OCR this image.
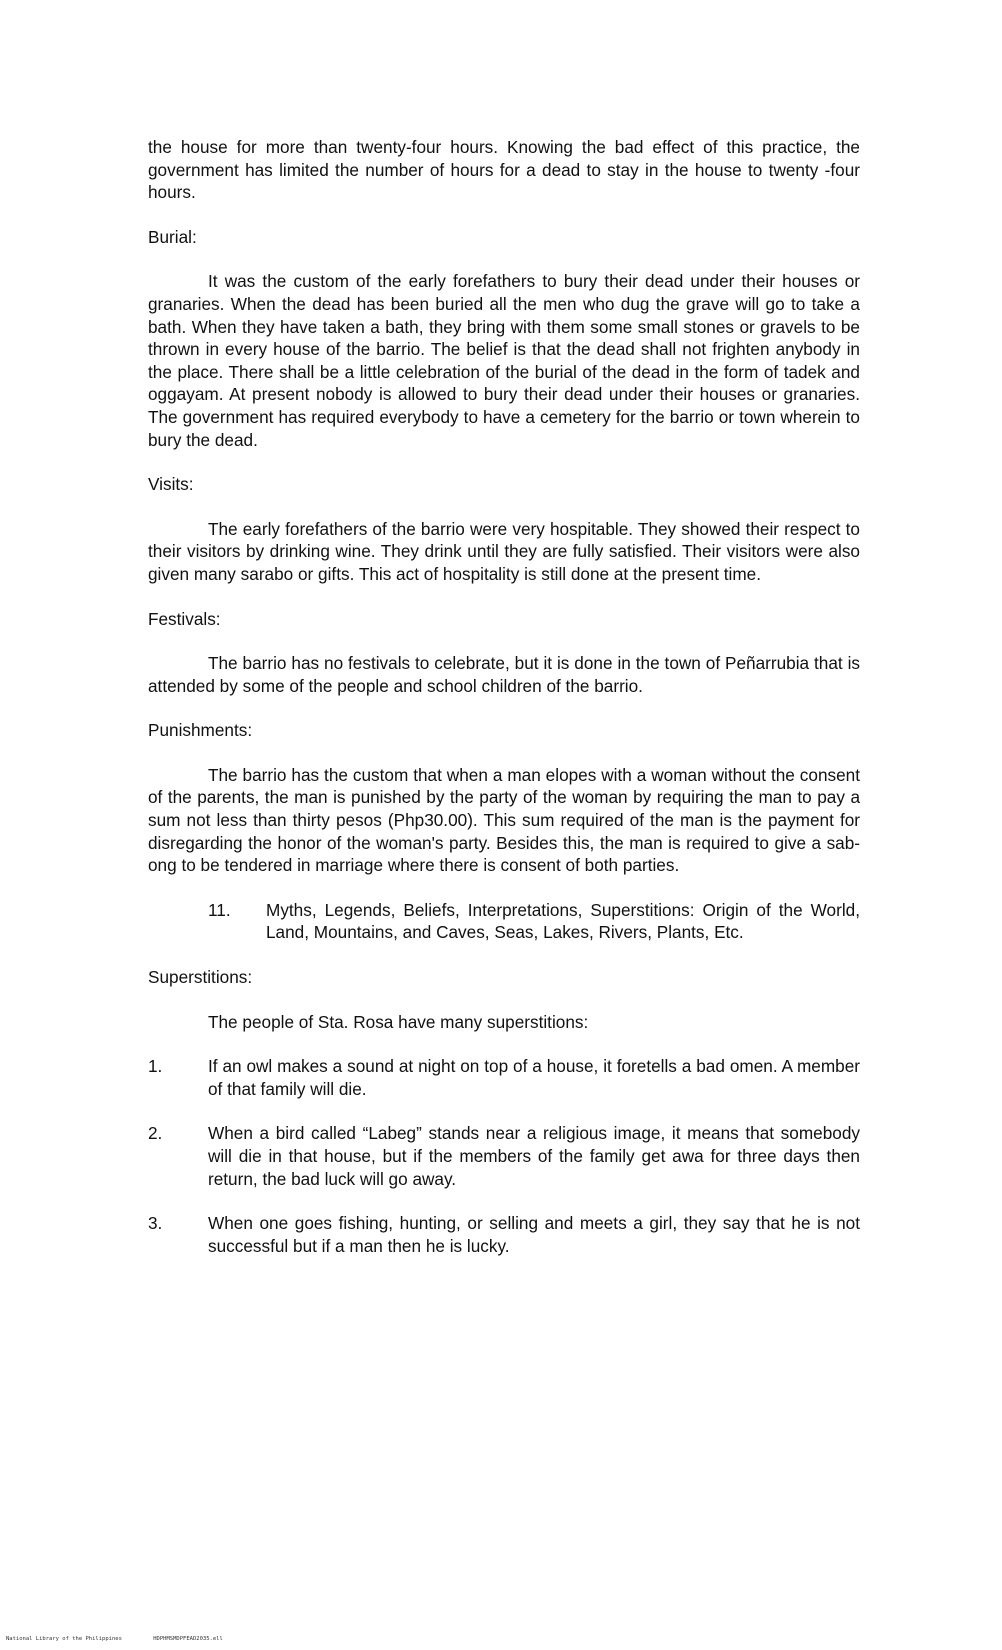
the house for more than twenty-four hours. Knowing the bad effect of this practice, the government has limited the number of hours for a dead to stay in the house to twenty -four hours.

Burial:

It was the custom of the early forefathers to bury their dead under their houses or granaries. When the dead has been buried all the men who dug the grave will go to take a bath. When they have taken a bath, they bring with them some small stones or gravels to be thrown in every house of the barrio. The belief is that the dead shall not frighten anybody in the place. There shall be a little celebration of the burial of the dead in the form of tadek and oggayam. At present nobody is allowed to bury their dead under their houses or granaries. The government has required everybody to have a cemetery for the barrio or town wherein to bury the dead.

Visits:

The early forefathers of the barrio were very hospitable. They showed their respect to their visitors by drinking wine. They drink until they are fully satisfied. Their visitors were also given many sarabo or gifts. This act of hospitality is still done at the present time.

Festivals:

The barrio has no festivals to celebrate, but it is done in the town of Peñarrubia that is attended by some of the people and school children of the barrio.

Punishments:

The barrio has the custom that when a man elopes with a woman without the consent of the parents, the man is punished by the party of the woman by requiring the man to pay a sum not less than thirty pesos (Php30.00). This sum required of the man is the payment for disregarding the honor of the woman's party. Besides this, the man is required to give a sab-ong to be tendered in marriage where there is consent of both parties.

11.	Myths, Legends, Beliefs, Interpretations, Superstitions: Origin of the World, Land, Mountains, and Caves, Seas, Lakes, Rivers, Plants, Etc.

Superstitions:

The people of Sta. Rosa have many superstitions:

1.	If an owl makes a sound at night on top of a house, it foretells a bad omen. A member of that family will die.
2.	When a bird called “Labeg” stands near a religious image, it means that somebody will die in that house, but if the members of the family get awa for three days then return, the bad luck will go away.
3.	When one goes fishing, hunting, or selling and meets a girl, they say that he is not successful but if a man then he is lucky.
National Library of the Philippines	HDPHMSMDPFEAD2035.ell
